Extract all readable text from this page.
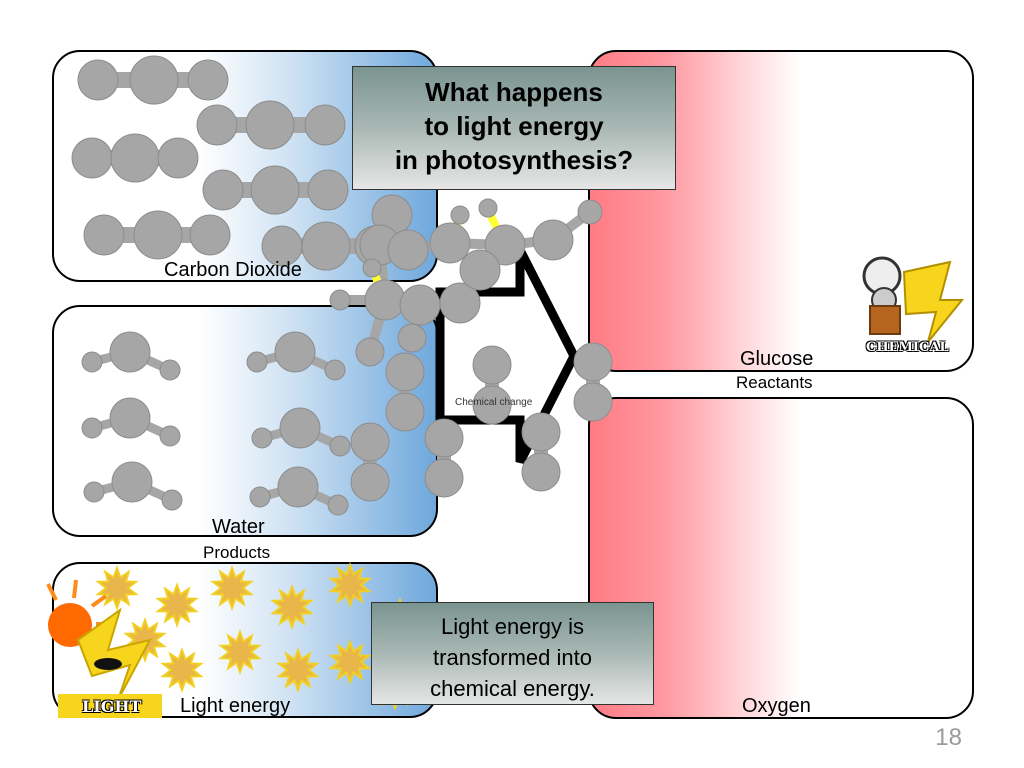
Carbon Dioxide
Water
Products
Light energy
Glucose
Reactants
Oxygen
Chemical change
LIGHT
CHEMICAL
What happens
to light energy
in photosynthesis?
Light energy is
transformed into
chemical energy.
18
